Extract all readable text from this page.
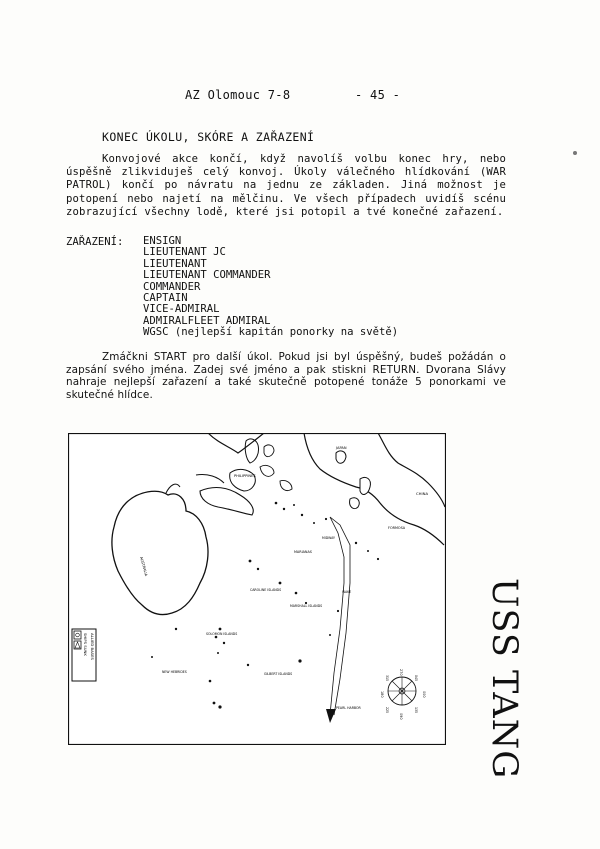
AZ Olomouc 7-8	- 45 -
KONEC ÚKOLU, SKÓRE A ZAŘAZENÍ

Konvojové akce končí, když navolíš volbu konec hry, nebo úspěšně zlikviduješ celý konvoj. Úkoly válečného hlídkování (WAR PATROL) končí po návratu na jednu ze základen. Jiná možnost je potopení nebo najetí na mělčinu. Ve všech případech uvidíš scénu zobrazující všechny lodě, které jsi potopil a tvé konečné zařazení.

ZAŘAZENÍ: ENSIGN
LIEUTENANT JC
LIEUTENANT
LIEUTENANT COMMANDER
COMMANDER
CAPTAIN
VICE-ADMIRAL
ADMIRALFLEET ADMIRAL
WGSC (nejlepší kapitán ponorky na světě)

Zmáčkni START pro další úkol. Pokud jsi byl úspěšný, budeš požádán o zapsání svého jména. Zadej své jméno a pak stiskni RETURN. Dvorana Slávy nahraje nejlepší zařazení a také skutečně potopené tonáže 5 ponorkami ve skutečné hlídce.

AUSTRALIA
PHILIPPINES
CHINA
JAPAN
FORMOSA
MARIANAS
CAROLINE ISLANDS
MARSHALL ISLANDS
SOLOMON ISLANDS
NEW HEBRIDES	GILBERT ISLANDS
WAKE
MIDWAY
PEARL HARBOR
SHIPS SUNK ALLIED BASES
000
045
090
135
180
225
270
315	USS TANG
